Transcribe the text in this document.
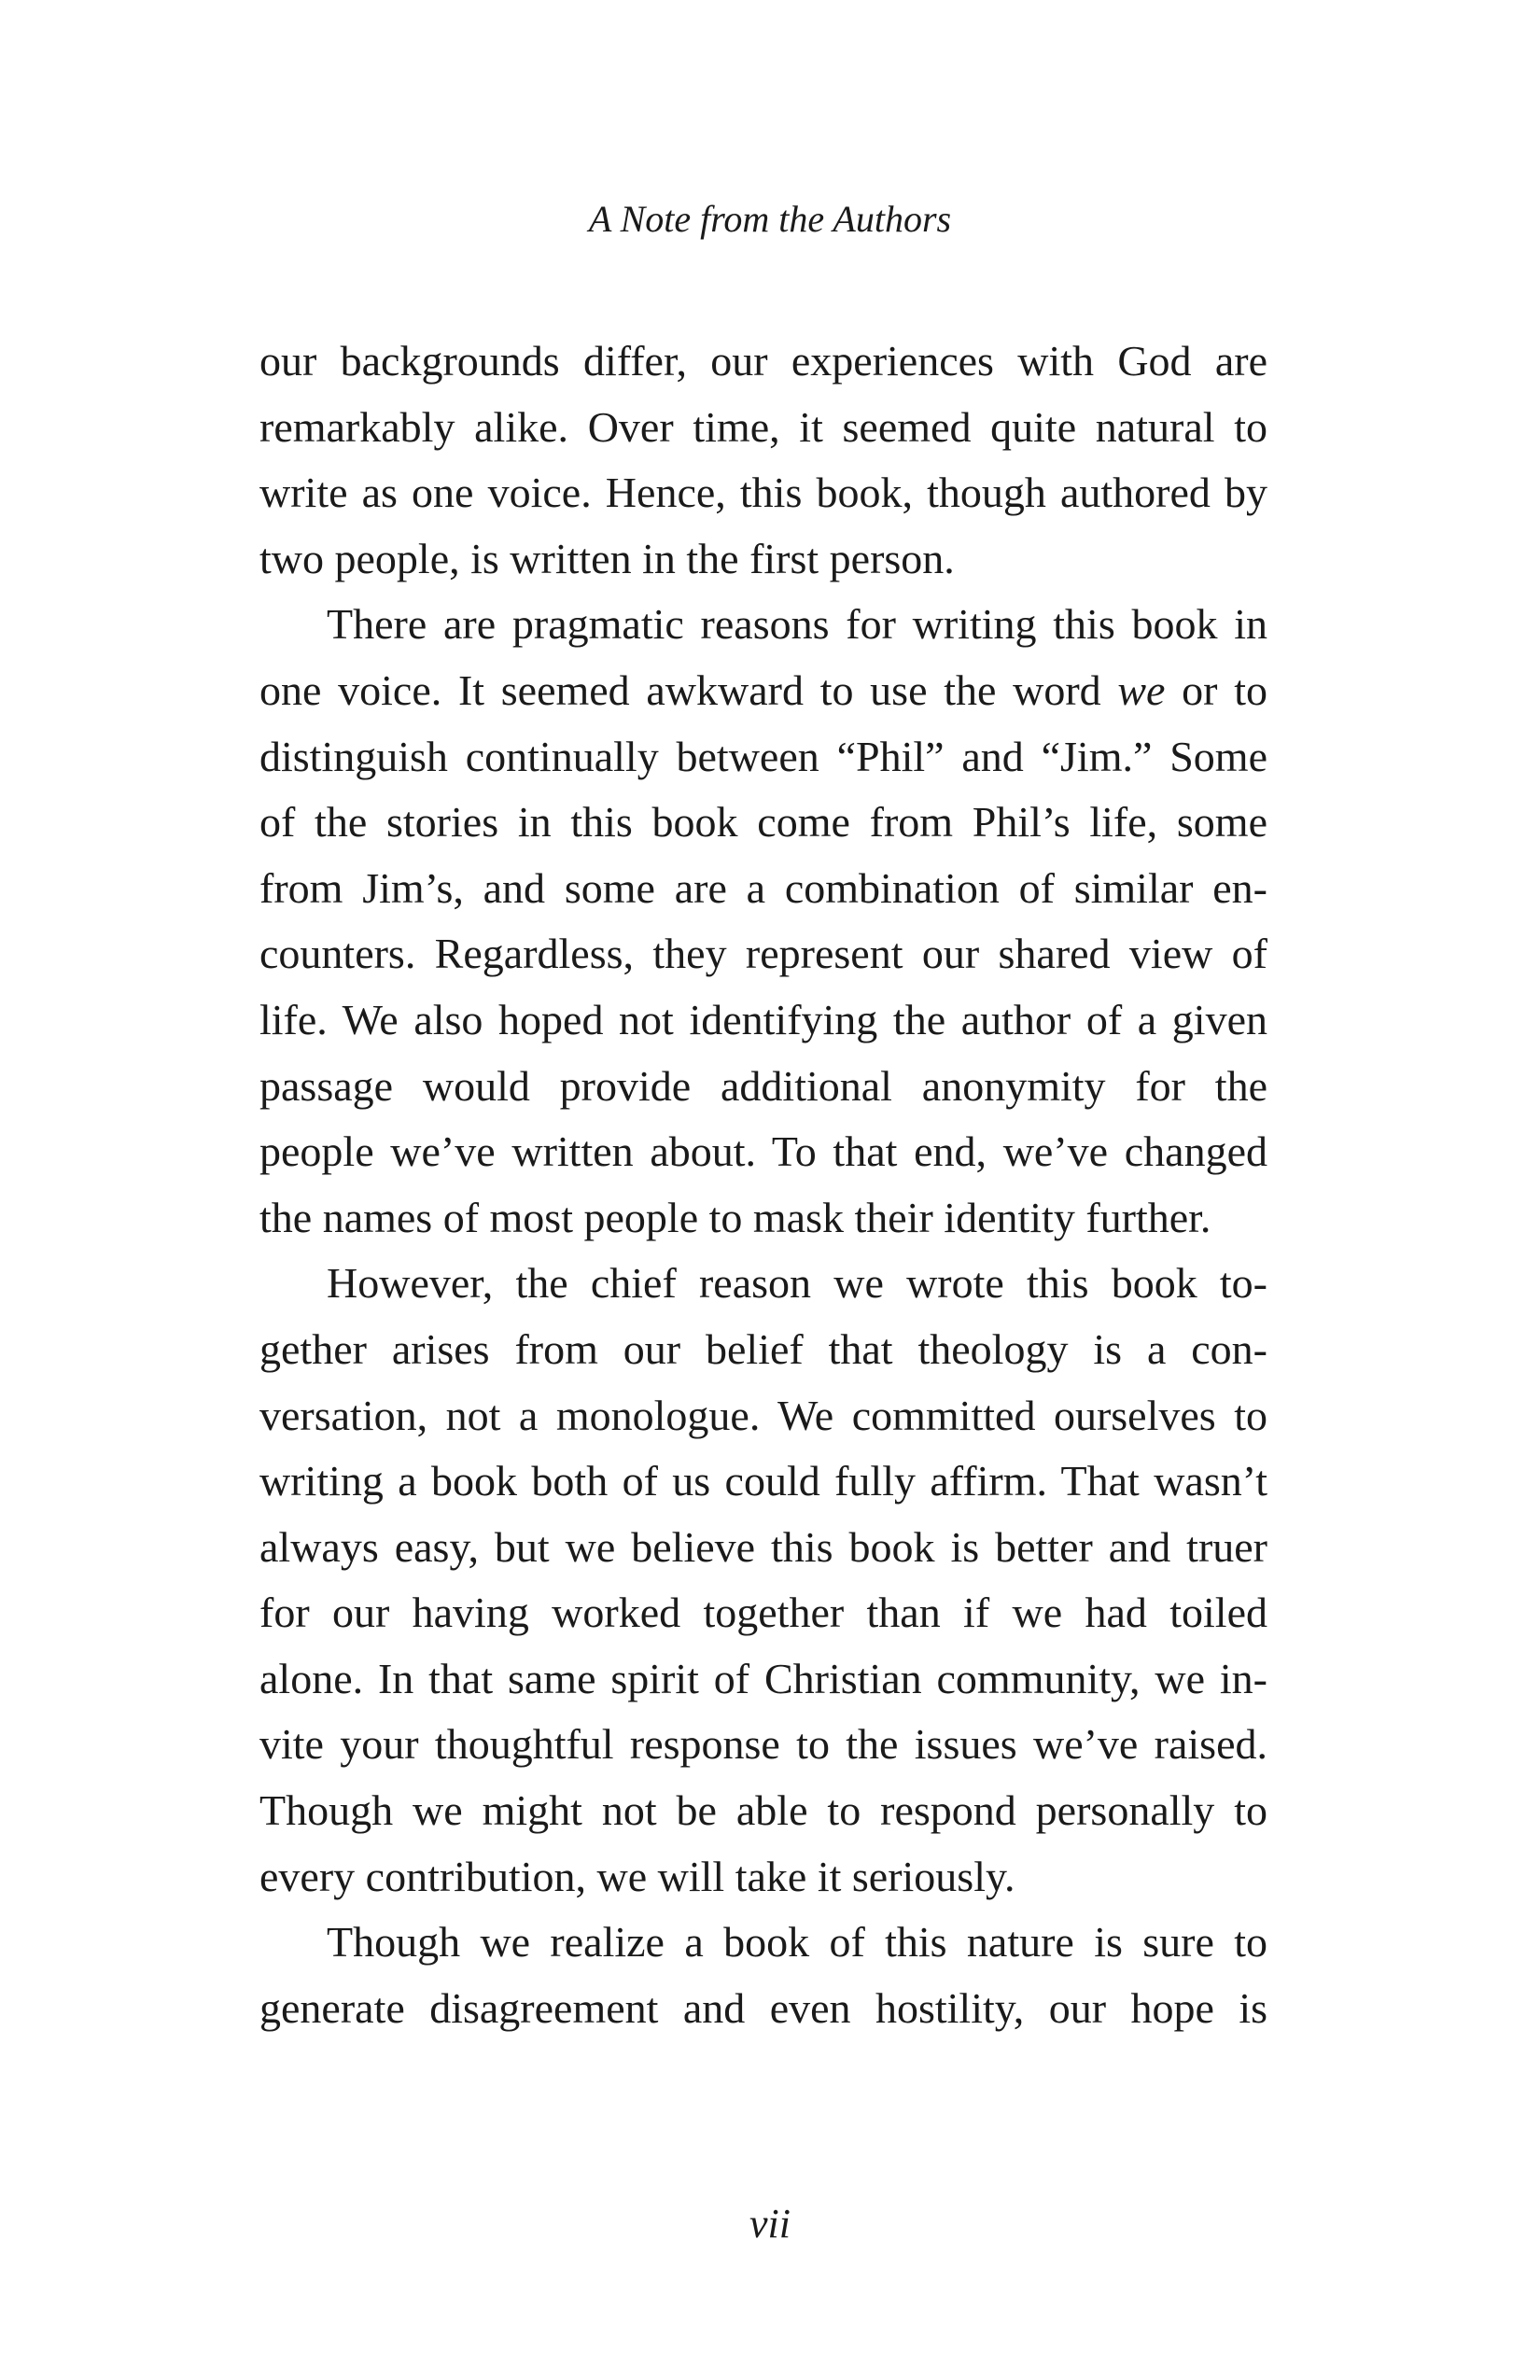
A Note from the Authors
our backgrounds differ, our experiences with God are
remarkably alike. Over time, it seemed quite natural to
write as one voice. Hence, this book, though authored by
two people, is written in the first person.
There are pragmatic reasons for writing this book in
one voice. It seemed awkward to use the word we or to
distinguish continually between “Phil” and “Jim.” Some
of the stories in this book come from Phil’s life, some
from Jim’s, and some are a combination of similar en-
counters. Regardless, they represent our shared view of
life. We also hoped not identifying the author of a given
passage would provide additional anonymity for the
people we’ve written about. To that end, we’ve changed
the names of most people to mask their identity further.
However, the chief reason we wrote this book to-
gether arises from our belief that theology is a con-
versation, not a monologue. We committed ourselves to
writing a book both of us could fully affirm. That wasn’t
always easy, but we believe this book is better and truer
for our having worked together than if we had toiled
alone. In that same spirit of Christian community, we in-
vite your thoughtful response to the issues we’ve raised.
Though we might not be able to respond personally to
every contribution, we will take it seriously.
Though we realize a book of this nature is sure to
generate disagreement and even hostility, our hope is
vii
